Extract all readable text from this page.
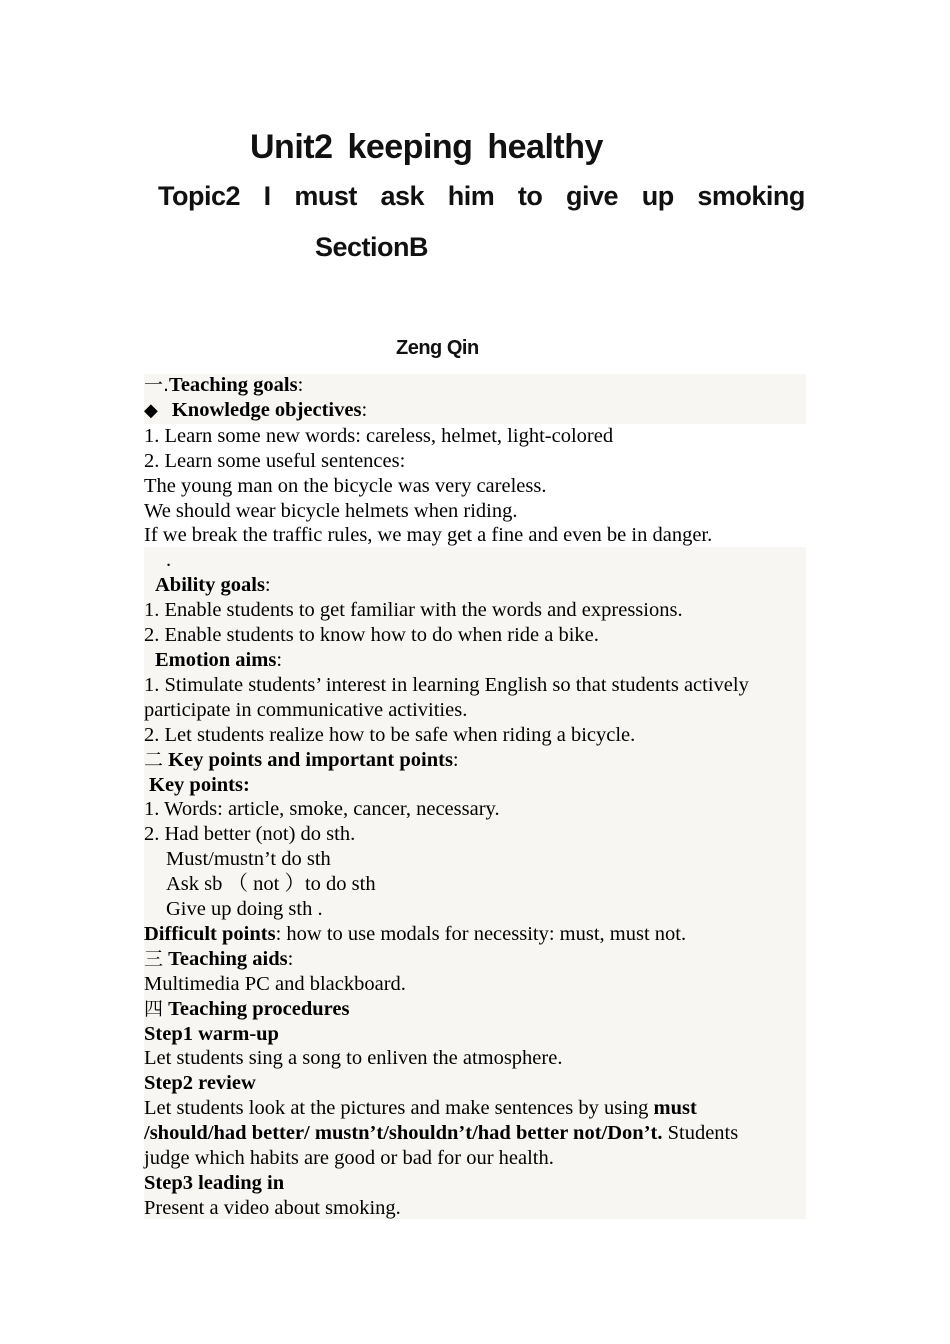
Unit2 keeping healthy
Topic2 I must ask him to give up smoking
SectionB
Zeng Qin
一.Teaching goals:
◆ Knowledge objectives:
1. Learn some new words: careless, helmet, light-colored
2. Learn some useful sentences:
The young man on the bicycle was very careless.
We should wear bicycle helmets when riding.
If we break the traffic rules, we may get a fine and even be in danger.
.
Ability goals:
1. Enable students to get familiar with the words and expressions.
2. Enable students to know how to do when ride a bike.
Emotion aims:
1. Stimulate students’ interest in learning English so that students actively
participate in communicative activities.
2. Let students realize how to be safe when riding a bicycle.
二 Key points and important points:
Key points:
1. Words: article, smoke, cancer, necessary.
2. Had better (not) do sth.
Must/mustn’t do sth
Ask sb （ not ）to do sth
Give up doing sth .
Difficult points: how to use modals for necessity: must, must not.
三 Teaching aids:
Multimedia PC and blackboard.
四 Teaching procedures
Step1 warm-up
Let students sing a song to enliven the atmosphere.
Step2 review
Let students look at the pictures and make sentences by using must
/should/had better/ mustn’t/shouldn’t/had better not/Don’t. Students
judge which habits are good or bad for our health.
Step3 leading in
Present a video about smoking.
